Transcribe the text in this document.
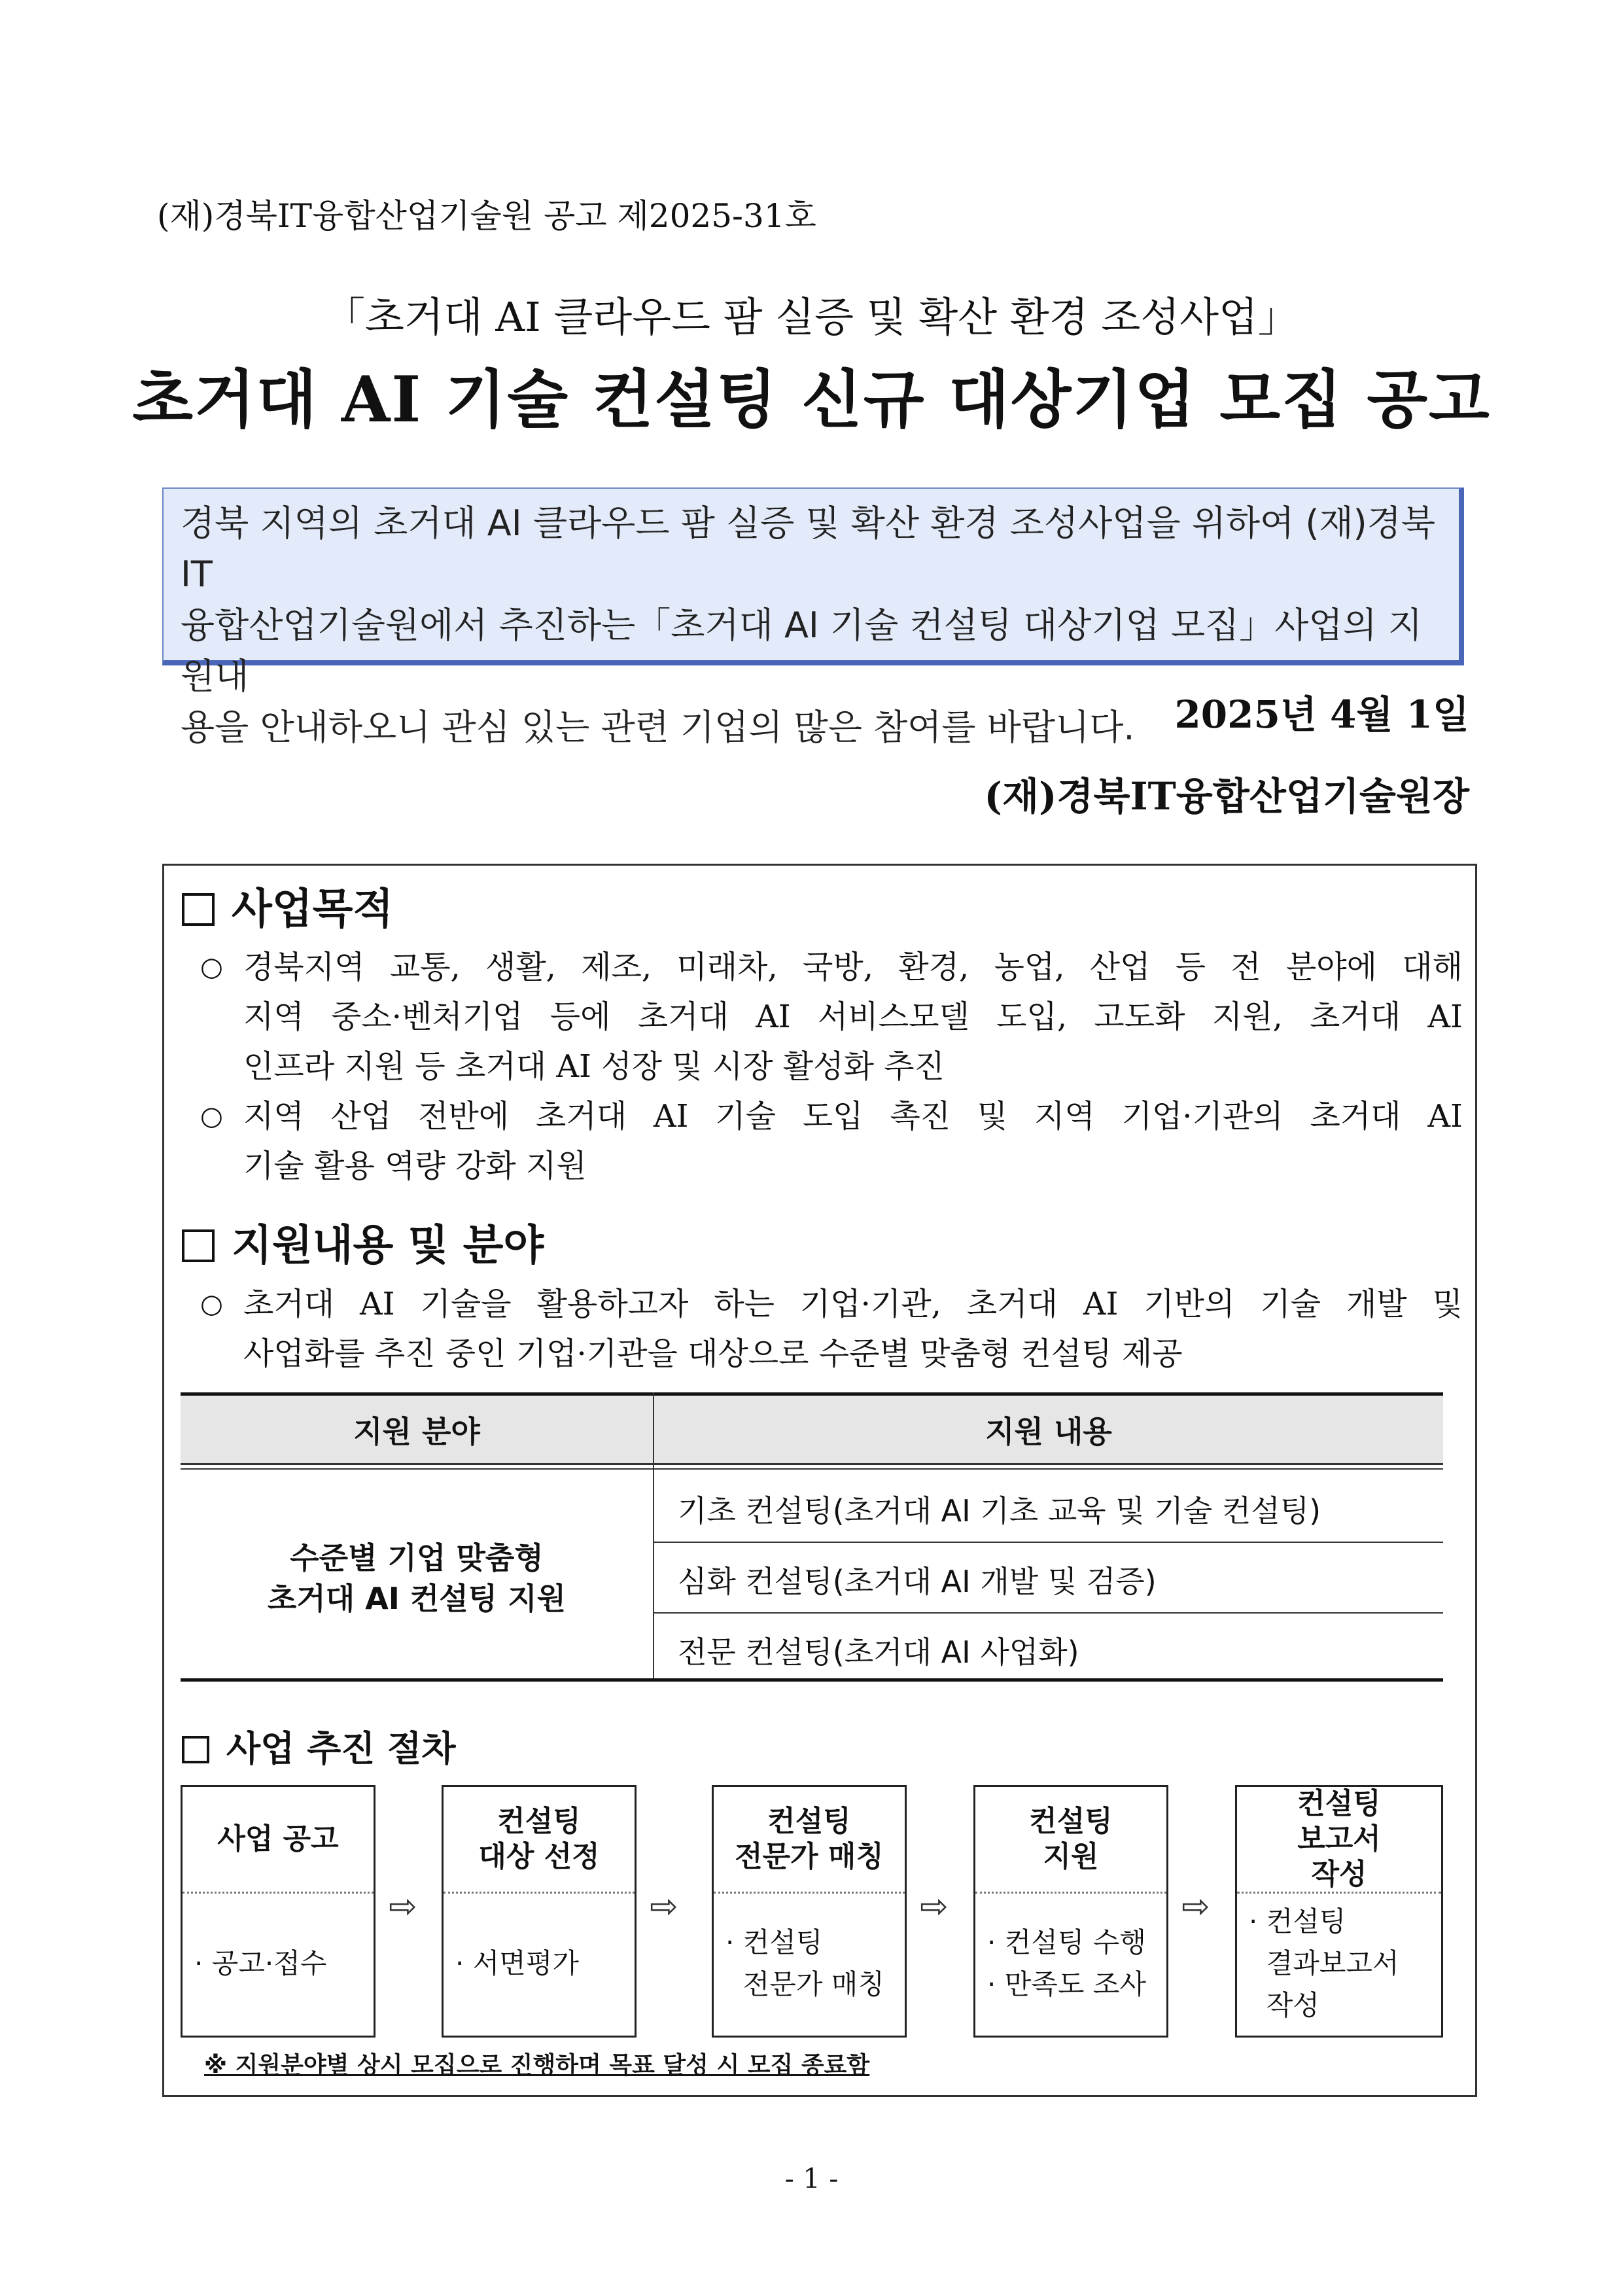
(재)경북IT융합산업기술원 공고 제2025-31호
「초거대 AI 클라우드 팜 실증 및 확산 환경 조성사업」
초거대 AI 기술 컨설팅 신규 대상기업 모집 공고
경북 지역의 초거대 AI 클라우드 팜 실증 및 확산 환경 조성사업을 위하여 (재)경북IT
융합산업기술원에서 추진하는「초거대 AI 기술 컨설팅 대상기업 모집」사업의 지원내
용을 안내하오니 관심 있는 관련 기업의 많은 참여를 바랍니다.	2025년 4월 1일
(재)경북IT융합산업기술원장
사업목적
○ 경북지역 교통, 생활, 제조, 미래차, 국방, 환경, 농업, 산업 등 전 분야에 대해
지역 중소·벤처기업 등에 초거대 AI 서비스모델 도입, 고도화 지원, 초거대 AI
인프라 지원 등 초거대 AI 성장 및 시장 활성화 추진
○ 지역 산업 전반에 초거대 AI 기술 도입 촉진 및 지역 기업·기관의 초거대 AI
기술 활용 역량 강화 지원
지원내용 및 분야
○ 초거대 AI 기술을 활용하고자 하는 기업·기관, 초거대 AI 기반의 기술 개발 및
사업화를 추진 중인 기업·기관을 대상으로 수준별 맞춤형 컨설팅 제공
지원 분야	지원 내용
수준별 기업 맞춤형
초거대 AI 컨설팅 지원
기초 컨설팅(초거대 AI 기초 교육 및 기술 컨설팅)
심화 컨설팅(초거대 AI 개발 및 검증)
전문 컨설팅(초거대 AI 사업화)
사업 추진 절차
사업 공고
· 공고·접수
⇨
컨설팅
대상 선정
· 서면평가
⇨
컨설팅
전문가 매칭
· 컨설팅
전문가 매칭
⇨
컨설팅
지원
· 컨설팅 수행
· 만족도 조사
⇨
컨설팅
보고서
작성
· 컨설팅
결과보고서
작성
※ 지원분야별 상시 모집으로 진행하며 목표 달성 시 모집 종료함
- 1 -
